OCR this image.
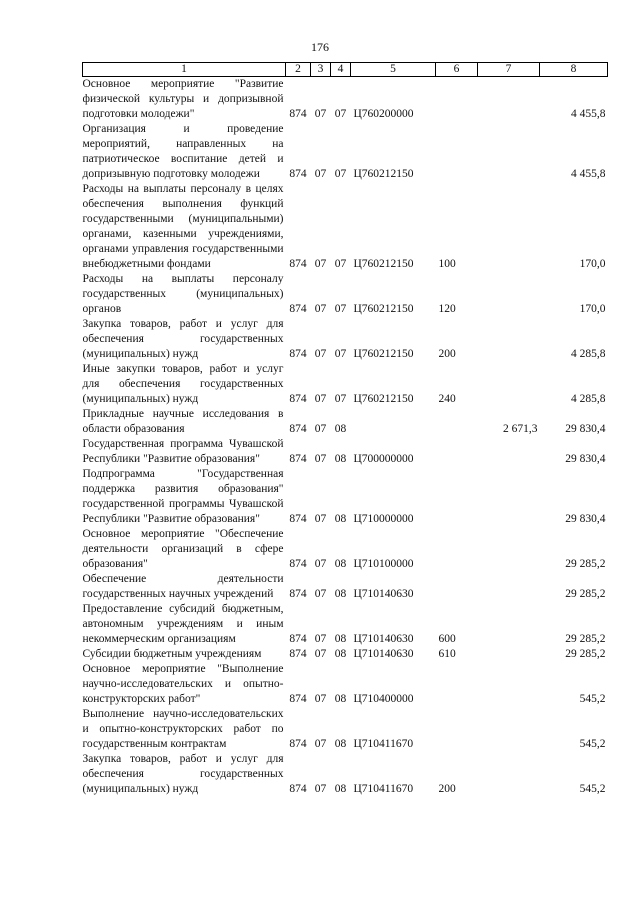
176
1	2	3	4	5	6	7	8
Основное мероприятие "Развитие физической культуры и допризывной подготовки молодежи"	874	07	07	Ц760200000			4 455,8
Организация и проведение мероприятий, направленных на патриотическое воспитание детей и допризывную подготовку молодежи	874	07	07	Ц760212150			4 455,8
Расходы на выплаты персоналу в целях обеспечения выполнения функций государственными (муниципальными) органами, казенными учреждениями, органами управления государственными внебюджетными фондами	874	07	07	Ц760212150	100		170,0
Расходы на выплаты персоналу государственных (муниципальных) органов	874	07	07	Ц760212150	120		170,0
Закупка товаров, работ и услуг для обеспечения государственных (муниципальных) нужд	874	07	07	Ц760212150	200		4 285,8
Иные закупки товаров, работ и услуг для обеспечения государственных (муниципальных) нужд	874	07	07	Ц760212150	240		4 285,8
Прикладные научные исследования в области образования	874	07	08			2 671,3	29 830,4
Государственная программа Чувашской Республики "Развитие образования"	874	07	08	Ц700000000			29 830,4
Подпрограмма "Государственная поддержка развития образования" государственной программы Чувашской Республики "Развитие образования"	874	07	08	Ц710000000			29 830,4
Основное мероприятие "Обеспечение деятельности организаций в сфере образования"	874	07	08	Ц710100000			29 285,2
Обеспечение деятельности государственных научных учреждений	874	07	08	Ц710140630			29 285,2
Предоставление субсидий бюджетным, автономным учреждениям и иным некоммерческим организациям	874	07	08	Ц710140630	600		29 285,2
Субсидии бюджетным учреждениям	874	07	08	Ц710140630	610		29 285,2
Основное мероприятие "Выполнение научно-исследовательских и опытно-конструкторских работ"	874	07	08	Ц710400000			545,2
Выполнение научно-исследовательских и опытно-конструкторских работ по государственным контрактам	874	07	08	Ц710411670			545,2
Закупка товаров, работ и услуг для обеспечения государственных (муниципальных) нужд	874	07	08	Ц710411670	200		545,2
